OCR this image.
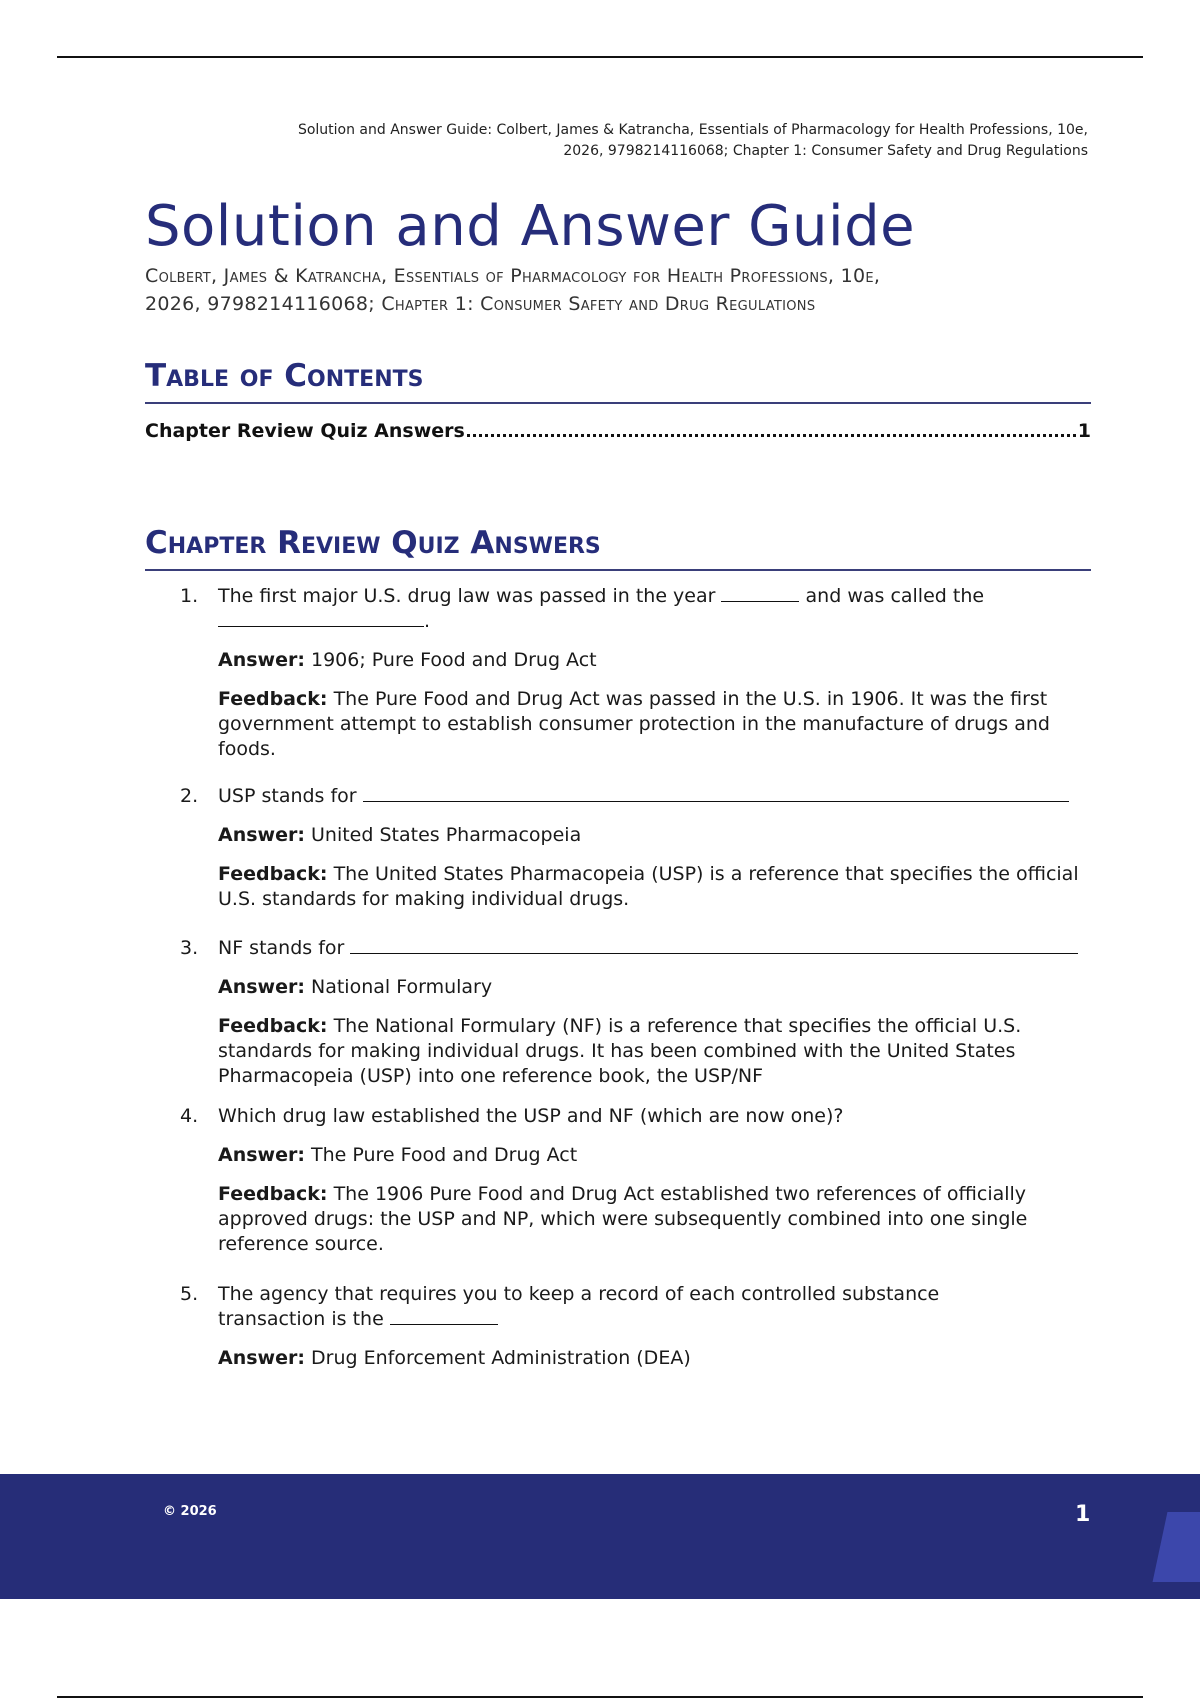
Solution and Answer Guide: Colbert, James & Katrancha, Essentials of Pharmacology for Health Professions, 10e,
2026, 9798214116068; Chapter 1: Consumer Safety and Drug Regulations
Solution and Answer Guide
Colbert, James & Katrancha, Essentials of Pharmacology for Health Professions, 10e,
2026, 9798214116068; Chapter 1: Consumer Safety and Drug Regulations
Table of Contents
Chapter Review Quiz Answers	1
Chapter Review Quiz Answers
1. The first major U.S. drug law was passed in the year	and was called the
.

Answer: 1906; Pure Food and Drug Act

Feedback: The Pure Food and Drug Act was passed in the U.S. in 1906. It was the first government attempt to establish consumer protection in the manufacture of drugs and foods.

2. USP stands for

Answer: United States Pharmacopeia

Feedback: The United States Pharmacopeia (USP) is a reference that specifies the official U.S. standards for making individual drugs.

3. NF stands for

Answer: National Formulary

Feedback: The National Formulary (NF) is a reference that specifies the official U.S. standards for making individual drugs. It has been combined with the United States Pharmacopeia (USP) into one reference book, the USP/NF

4. Which drug law established the USP and NF (which are now one)?

Answer: The Pure Food and Drug Act

Feedback: The 1906 Pure Food and Drug Act established two references of officially approved drugs: the USP and NP, which were subsequently combined into one single reference source.

5. The agency that requires you to keep a record of each controlled substance transaction is the

Answer: Drug Enforcement Administration (DEA)

© 2026	1
